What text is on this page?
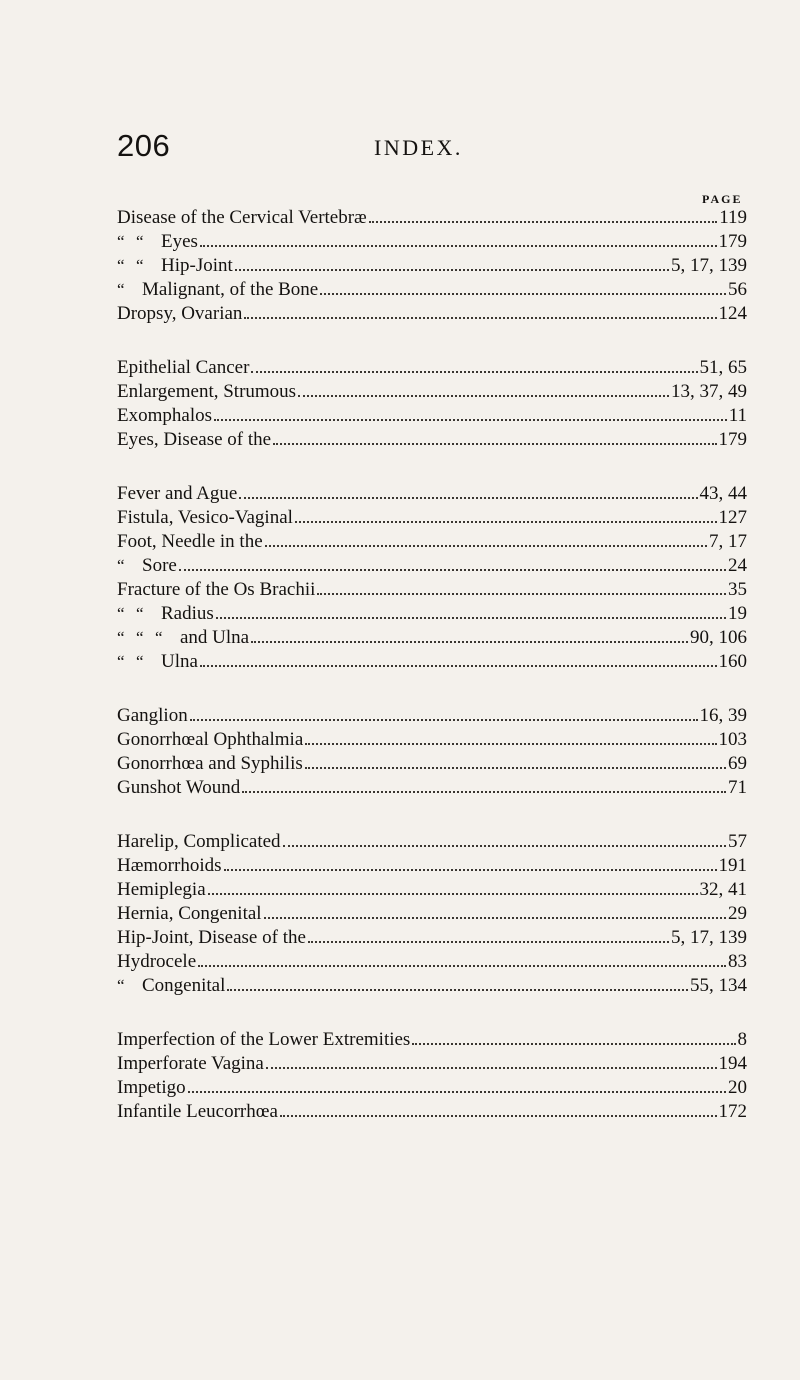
206	INDEX.
PAGE
Disease of the Cervical Vertebræ	119
“ “ Eyes	179
“ “ Hip-Joint	5, 17, 139
“ Malignant, of the Bone	56
Dropsy, Ovarian	124
Epithelial Cancer	51, 65
Enlargement, Strumous	13, 37, 49
Exomphalos	11
Eyes, Disease of the	179
Fever and Ague	43, 44
Fistula, Vesico-Vaginal	127
Foot, Needle in the	7, 17
“ Sore	24
Fracture of the Os Brachii	35
“ “ Radius	19
“ “ “ and Ulna	90, 106
“ “ Ulna	160
Ganglion	16, 39
Gonorrhœal Ophthalmia	103
Gonorrhœa and Syphilis	69
Gunshot Wound	71
Harelip, Complicated	57
Hæmorrhoids	191
Hemiplegia	32, 41
Hernia, Congenital	29
Hip-Joint, Disease of the	5, 17, 139
Hydrocele	83
“ Congenital	55, 134
Imperfection of the Lower Extremities	8
Imperforate Vagina	194
Impetigo	20
Infantile Leucorrhœa	172
